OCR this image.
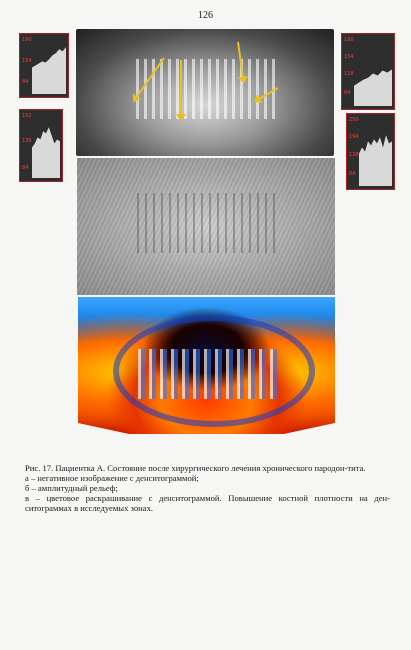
126
190
154
84
152
136
84
190
154
118
84
250
194
138
84

Рис. 17. Пациентка А. Состояние после хирургического лечения хронического пародон-тита.

а – негативное изображение с денситограммой;

б – амплитудный рельеф;

в – цветовое раскрашивание с денситограммой. Повышение костной плотности на ден-ситограммах в исследуемых зонах.
